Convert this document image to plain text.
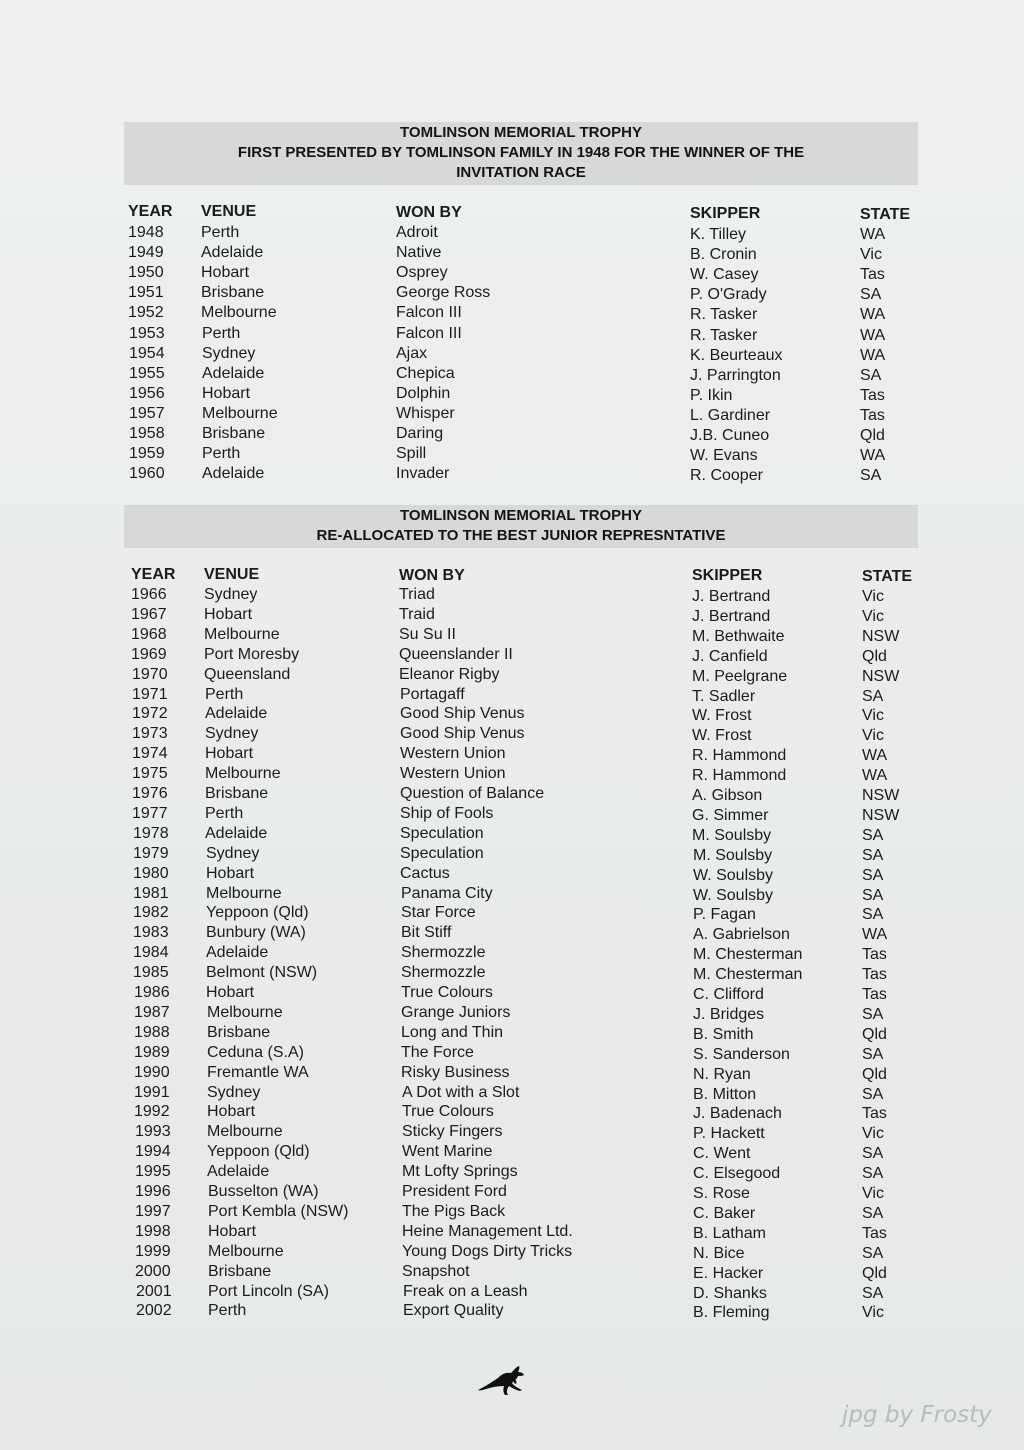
TOMLINSON MEMORIAL TROPHY
FIRST PRESENTED BY TOMLINSON FAMILY IN 1948 FOR THE WINNER OF THE
INVITATION RACE
YEAR VENUE	WON BY	SKIPPER	STATE
1948 Perth	Adroit	K. Tilley	WA
1949 Adelaide	Native	B. Cronin	Vic
1950 Hobart	Osprey	W. Casey	Tas
1951 Brisbane	George Ross	P. O'Grady	SA
1952 Melbourne	Falcon III	R. Tasker	WA
1953 Perth	Falcon III	R. Tasker	WA
1954 Sydney	Ajax	K. Beurteaux	WA
1955 Adelaide	Chepica	J. Parrington	SA
1956 Hobart	Dolphin	P. Ikin	Tas
1957 Melbourne	Whisper	L. Gardiner	Tas
1958 Brisbane	Daring	J.B. Cuneo	Qld
1959 Perth	Spill	W. Evans	WA
1960 Adelaide	Invader	R. Cooper	SA
TOMLINSON MEMORIAL TROPHY
RE-ALLOCATED TO THE BEST JUNIOR REPRESNTATIVE
YEAR VENUE	WON BY	SKIPPER	STATE
1966 Sydney	Triad	J. Bertrand	Vic
1967 Hobart	Traid	J. Bertrand	Vic
1968 Melbourne	Su Su II	M. Bethwaite	NSW
1969 Port Moresby	Queenslander II	J. Canfield	Qld
1970 Queensland	Eleanor Rigby	M. Peelgrane	NSW
1971 Perth	Portagaff	T. Sadler	SA
1972 Adelaide	Good Ship Venus	W. Frost	Vic
1973 Sydney	Good Ship Venus	W. Frost	Vic
1974 Hobart	Western Union	R. Hammond	WA
1975 Melbourne	Western Union	R. Hammond	WA
1976 Brisbane	Question of Balance	A. Gibson	NSW
1977 Perth	Ship of Fools	G. Simmer	NSW
1978 Adelaide	Speculation	M. Soulsby	SA
1979 Sydney	Speculation	M. Soulsby	SA
1980 Hobart	Cactus	W. Soulsby	SA
1981 Melbourne	Panama City	W. Soulsby	SA
1982 Yeppoon (Qld)	Star Force	P. Fagan	SA
1983 Bunbury (WA)	Bit Stiff	A. Gabrielson	WA
1984 Adelaide	Shermozzle	M. Chesterman	Tas
1985 Belmont (NSW)	Shermozzle	M. Chesterman	Tas
1986 Hobart	True Colours	C. Clifford	Tas
1987 Melbourne	Grange Juniors	J. Bridges	SA
1988 Brisbane	Long and Thin	B. Smith	Qld
1989 Ceduna (S.A)	The Force	S. Sanderson	SA
1990 Fremantle WA	Risky Business	N. Ryan	Qld
1991 Sydney	A Dot with a Slot	B. Mitton	SA
1992 Hobart	True Colours	J. Badenach	Tas
1993 Melbourne	Sticky Fingers	P. Hackett	Vic
1994 Yeppoon (Qld)	Went Marine	C. Went	SA
1995 Adelaide	Mt Lofty Springs	C. Elsegood	SA
1996 Busselton (WA)	President Ford	S. Rose	Vic
1997 Port Kembla (NSW)	The Pigs Back	C. Baker	SA
1998 Hobart	Heine Management Ltd.	B. Latham	Tas
1999 Melbourne	Young Dogs Dirty Tricks	N. Bice	SA
2000 Brisbane	Snapshot	E. Hacker	Qld
2001 Port Lincoln (SA)	Freak on a Leash	D. Shanks	SA
2002 Perth	Export Quality	B. Fleming	Vic
jpg by Frosty
